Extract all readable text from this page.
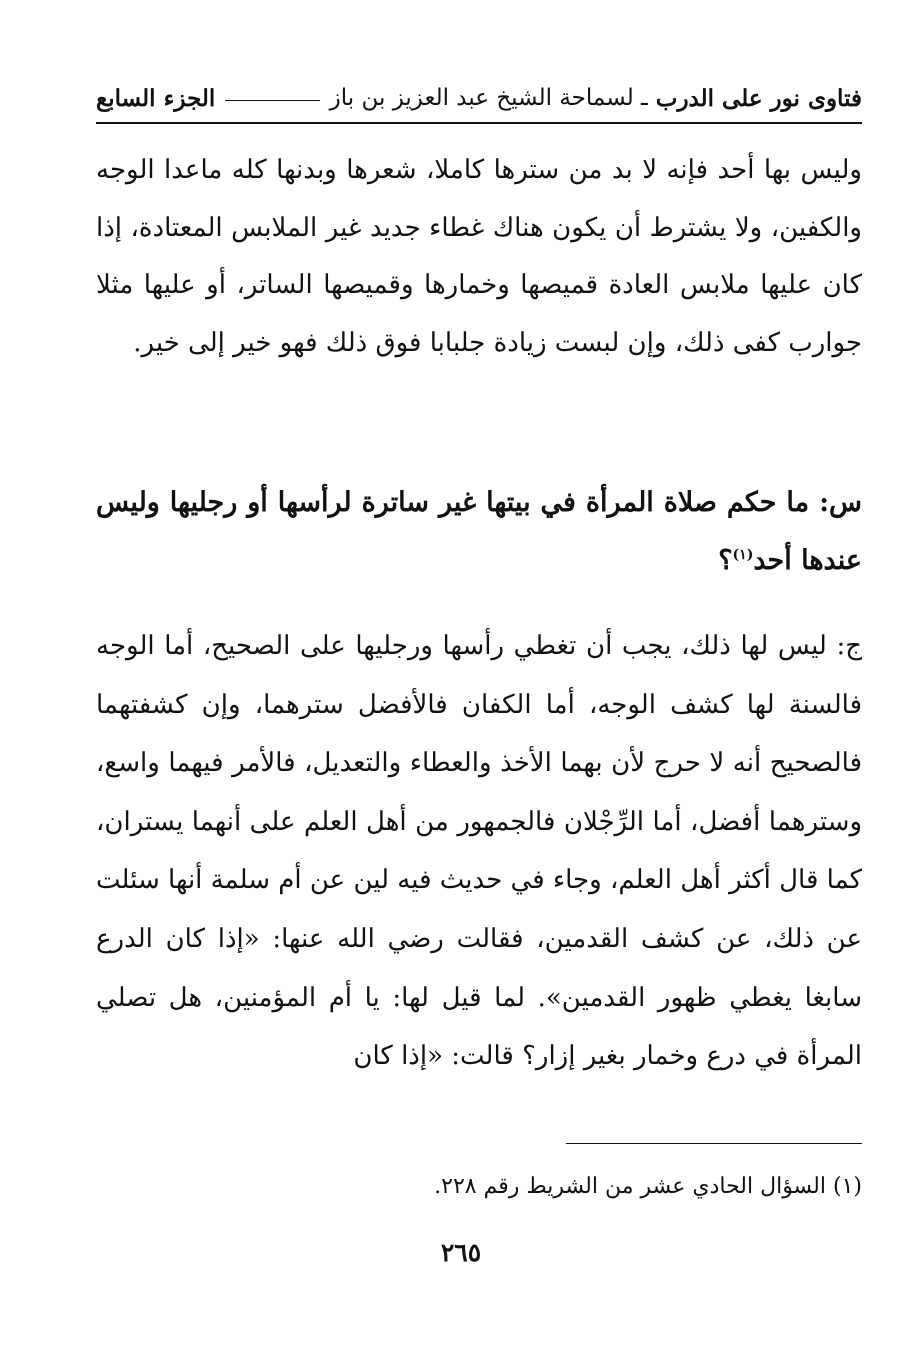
فتاوى نور على الدرب
ـ لسماحة الشيخ عبد العزيز بن باز
الجزء السابع

وليس بها أحد فإنه لا بد من سترها كاملا، شعرها وبدنها كله ماعدا الوجه والكفين، ولا يشترط أن يكون هناك غطاء جديد غير الملابس المعتادة، إذا كان عليها ملابس العادة قميصها وخمارها وقميصها الساتر، أو عليها مثلا جوارب كفى ذلك، وإن لبست زيادة جلبابا فوق ذلك فهو خير إلى خير.

س: ما حكم صلاة المرأة في بيتها غير ساترة لرأسها أو رجليها وليس عندها أحد$^{(١)}$؟

ج: ليس لها ذلك، يجب أن تغطي رأسها ورجليها على الصحيح، أما الوجه فالسنة لها كشف الوجه، أما الكفان فالأفضل سترهما، وإن كشفتهما فالصحيح أنه لا حرج لأن بهما الأخذ والعطاء والتعديل، فالأمر فيهما واسع، وسترهما أفضل، أما الرِّجْلان فالجمهور من أهل العلم على أنهما يستران، كما قال أكثر أهل العلم، وجاء في حديث فيه لين عن أم سلمة أنها سئلت عن ذلك، عن كشف القدمين، فقالت رضي الله عنها: «إذا كان الدرع سابغا يغطي ظهور القدمين». لما قيل لها: يا أم المؤمنين، هل تصلي المرأة في درع وخمار بغير إزار؟ قالت: «إذا كان

(١) السؤال الحادي عشر من الشريط رقم ٢٢٨.
٢٦٥
